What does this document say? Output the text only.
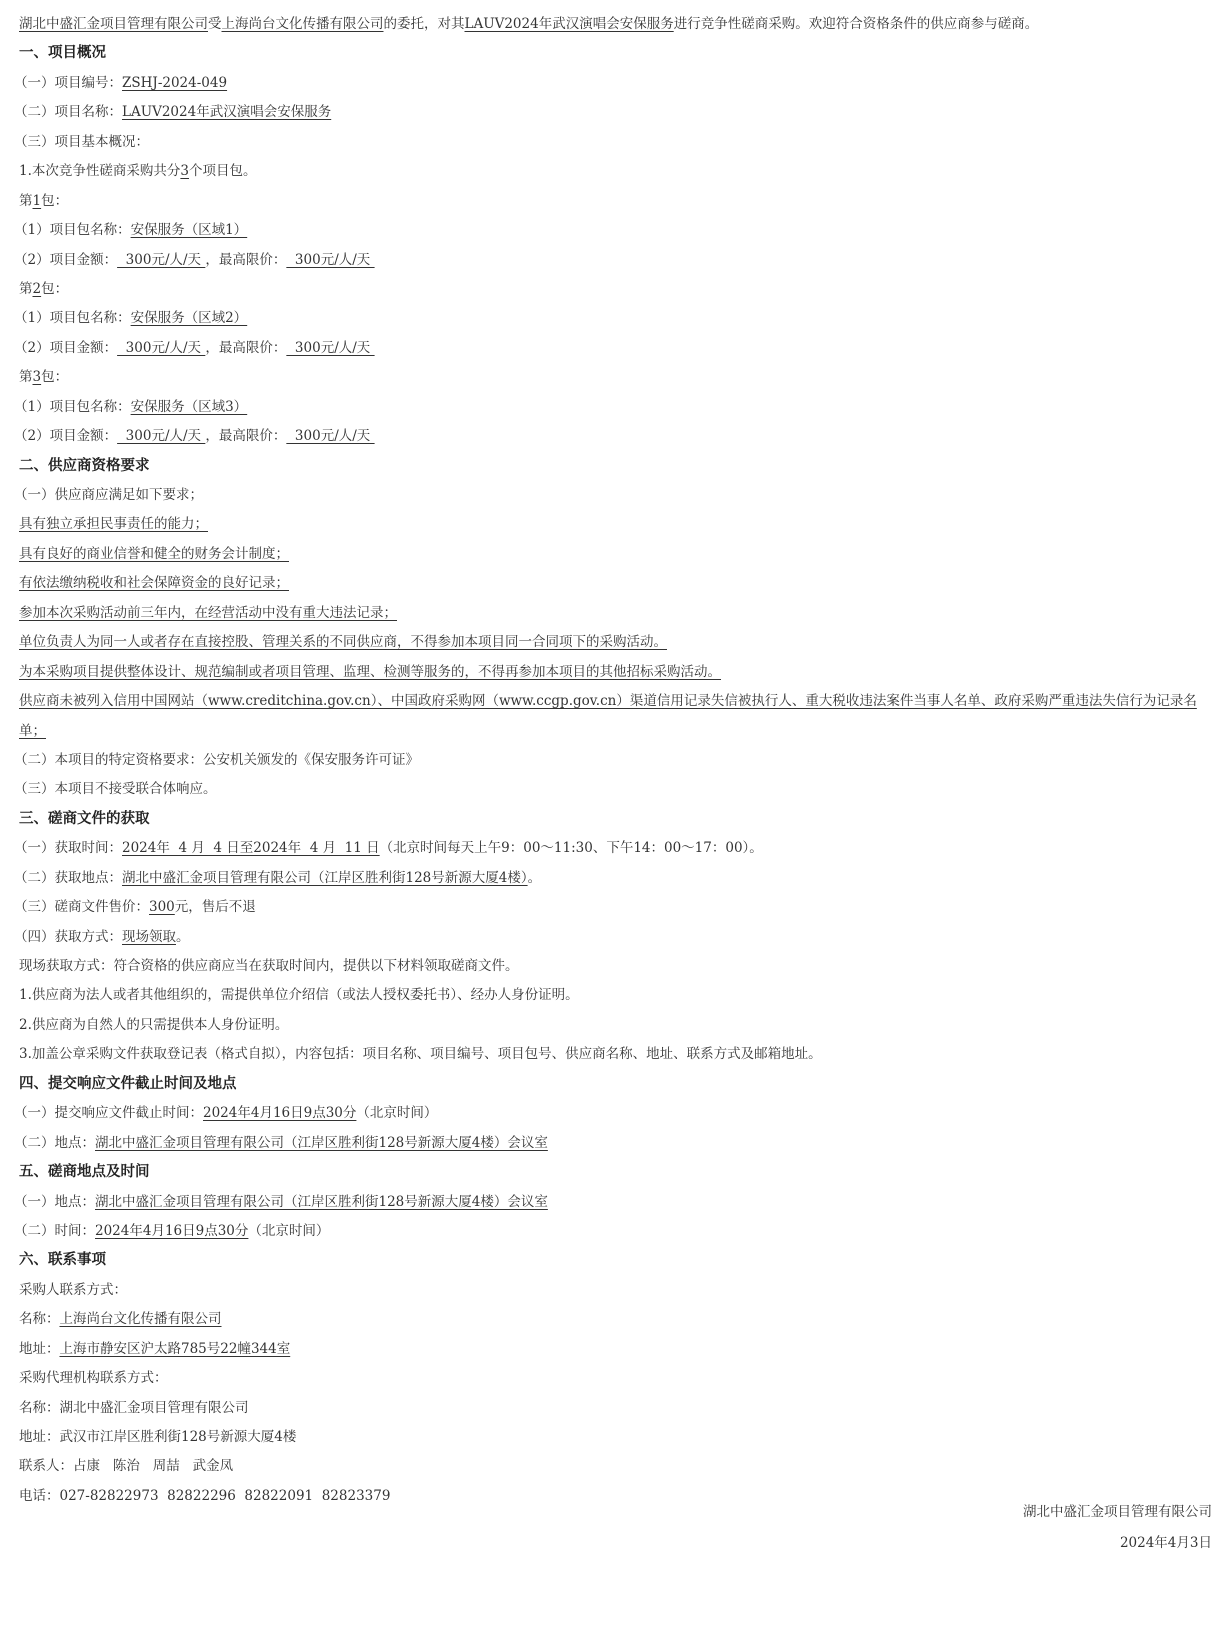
湖北中盛汇金项目管理有限公司受上海尚台文化传播有限公司的委托，对其LAUV2024年武汉演唱会安保服务进行竞争性磋商采购。欢迎符合资格条件的供应商参与磋商。
一、项目概况
（一）项目编号：ZSHJ-2024-049
（二）项目名称：LAUV2024年武汉演唱会安保服务
（三）项目基本概况：
1.本次竞争性磋商采购共分3个项目包。
第1包：
（1）项目包名称：安保服务（区域1）
（2）项目金额：  300元/人/天 ，最高限价：  300元/人/天
第2包：
（1）项目包名称：安保服务（区域2）
（2）项目金额：  300元/人/天 ，最高限价：  300元/人/天
第3包：
（1）项目包名称：安保服务（区域3）
（2）项目金额：  300元/人/天 ，最高限价：  300元/人/天
二、供应商资格要求
（一）供应商应满足如下要求；
具有独立承担民事责任的能力；
具有良好的商业信誉和健全的财务会计制度；
有依法缴纳税收和社会保障资金的良好记录；
参加本次采购活动前三年内，在经营活动中没有重大违法记录；
单位负责人为同一人或者存在直接控股、管理关系的不同供应商，不得参加本项目同一合同项下的采购活动。
为本采购项目提供整体设计、规范编制或者项目管理、监理、检测等服务的，不得再参加本项目的其他招标采购活动。
供应商未被列入信用中国网站（www.creditchina.gov.cn）、中国政府采购网（www.ccgp.gov.cn）渠道信用记录失信被执行人、重大税收违法案件当事人名单、政府采购严重违法失信行为记录名单；
（二）本项目的特定资格要求：公安机关颁发的《保安服务许可证》
（三）本项目不接受联合体响应。
三、磋商文件的获取
（一）获取时间：2024年  4 月  4 日至2024年  4 月  11 日（北京时间每天上午9：00～11:30、下午14：00～17：00）。
（二）获取地点：湖北中盛汇金项目管理有限公司（江岸区胜利街128号新源大厦4楼）。
（三）磋商文件售价：300元，售后不退
（四）获取方式：现场领取。
现场获取方式：符合资格的供应商应当在获取时间内，提供以下材料领取磋商文件。
1.供应商为法人或者其他组织的，需提供单位介绍信（或法人授权委托书）、经办人身份证明。
2.供应商为自然人的只需提供本人身份证明。
3.加盖公章采购文件获取登记表（格式自拟），内容包括：项目名称、项目编号、项目包号、供应商名称、地址、联系方式及邮箱地址。
四、提交响应文件截止时间及地点
（一）提交响应文件截止时间：2024年4月16日9点30分（北京时间）
（二）地点：湖北中盛汇金项目管理有限公司（江岸区胜利街128号新源大厦4楼）会议室
五、磋商地点及时间
（一）地点：湖北中盛汇金项目管理有限公司（江岸区胜利街128号新源大厦4楼）会议室
（二）时间：2024年4月16日9点30分（北京时间）
六、联系事项
采购人联系方式：
名称：上海尚台文化传播有限公司
地址：上海市静安区沪太路785号22幢344室
采购代理机构联系方式：
名称：湖北中盛汇金项目管理有限公司
地址：武汉市江岸区胜利街128号新源大厦4楼
联系人：占康   陈治   周喆   武金凤
电话：027-82822973  82822296  82822091  82823379
湖北中盛汇金项目管理有限公司
2024年4月3日
